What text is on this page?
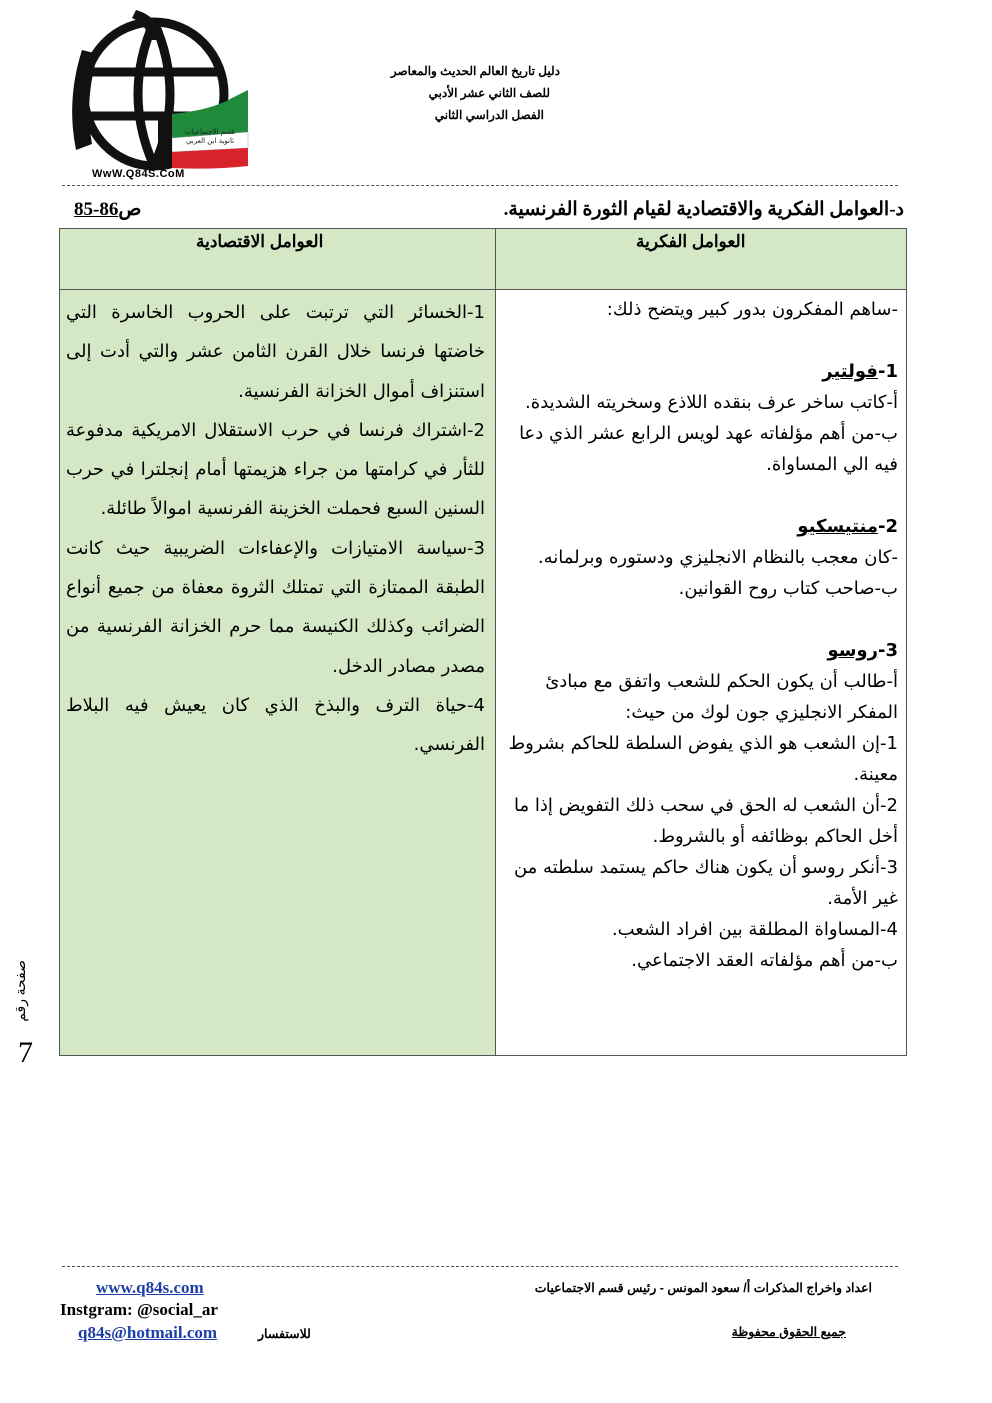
قسم الاجتماعيات
ثانوية ابن العربي
WwW.Q84S.CoM
دليل تاريخ العالم الحديث والمعاصر
للصف الثاني عشر الأدبي
الفصل الدراسي الثاني
د-العوامل الفكرية والاقتصادية لقيام الثورة الفرنسية.
ص85-86
العوامل الفكرية
العوامل الاقتصادية

1-الخسائر التي ترتبت على الحروب الخاسرة التي خاضتها فرنسا خلال القرن الثامن عشر والتي أدت إلى استنزاف أموال الخزانة الفرنسية.

2-اشتراك فرنسا في حرب الاستقلال الامريكية مدفوعة للثأر في كرامتها من جراء هزيمتها أمام إنجلترا في حرب السنين السبع فحملت الخزينة الفرنسية اموالاً طائلة.

3-سياسة الامتيازات والإعفاءات الضريبية حيث كانت الطبقة الممتازة التي تمتلك الثروة معفاة من جميع أنواع الضرائب وكذلك الكنيسة مما حرم الخزانة الفرنسية من مصدر مصادر الدخل.

4-حياة الترف والبذخ الذي كان يعيش فيه البلاط الفرنسي.

-ساهم المفكرون بدور كبير ويتضح ذلك:

1-فولتير

أ-كاتب ساخر عرف بنقده اللاذع وسخريته الشديدة.

ب-من أهم مؤلفاته عهد لويس الرابع عشر الذي دعا فيه الي المساواة.

2-منتيسكيو

-كان معجب بالنظام الانجليزي ودستوره وبرلمانه.

ب-صاحب كتاب روح القوانين.

3-روسو

أ-طالب أن يكون الحكم للشعب واتفق مع مبادئ المفكر الانجليزي جون لوك من حيث:

1-إن الشعب هو الذي يفوض السلطة للحاكم بشروط معينة.

2-أن الشعب له الحق في سحب ذلك التفويض إذا ما أخل الحاكم بوظائفه أو بالشروط.

3-أنكر روسو أن يكون هناك حاكم يستمد سلطته من غير الأمة.

4-المساواة المطلقة بين افراد الشعب.

ب-من أهم مؤلفاته العقد الاجتماعي.

صفحة رقم
7
www.q84s.com
Instgram: @social_ar
q84s@hotmail.com	للاستفسار
اعداد واخراج المذكرات أ/ سعود المونس - رئيس قسم الاجتماعيات
جميع الحقوق محفوظة
